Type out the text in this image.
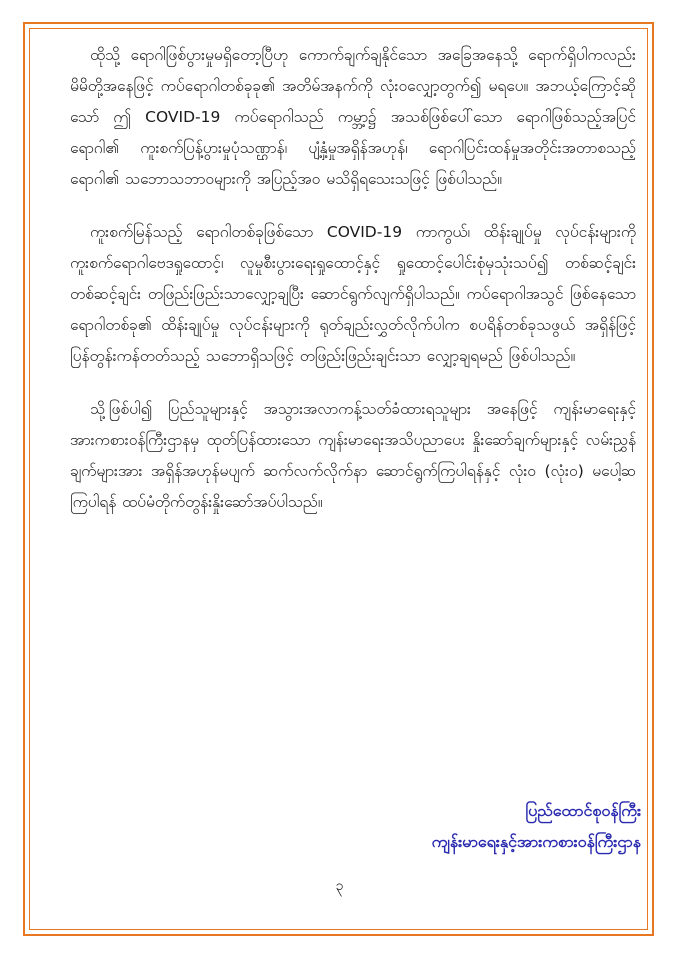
ထိုသို့ ရောဂါဖြစ်ပွားမှုမရှိတော့ပြီဟု ကောက်ချက်ချနိုင်သော အခြေအနေသို့ ရောက်ရှိပါကလည်း မိမိတို့အနေဖြင့် ကပ်ရောဂါတစ်ခုခု၏ အတိမ်အနက်ကို လုံးဝလျှော့တွက်၍ မရပေ။ အဘယ့်ကြောင့်ဆိုသော် ဤ COVID-19 ကပ်ရောဂါသည် ကမ္ဘာ့၌ အသစ်ဖြစ်ပေါ်သော ရောဂါဖြစ်သည့်အပြင် ရောဂါ၏ ကူးစက်ပြန့်ပွားမှုပုံသဏ္ဌာန်၊ ပျံ့နှံ့မှုအရှိန်အဟုန်၊ ရောဂါပြင်းထန်မှုအတိုင်းအတာစသည့် ရောဂါ၏ သဘောသဘာဝများကို အပြည့်အဝ မသိရှိရသေးသဖြင့် ဖြစ်ပါသည်။

ကူးစက်မြန်သည့် ရောဂါတစ်ခုဖြစ်သော COVID-19 ကာကွယ်၊ ထိန်းချုပ်မှု လုပ်ငန်းများကို ကူးစက်ရောဂါဗေဒရှုထောင့်၊ လူမှုစီးပွားရေးရှုထောင့်နှင့် ရှုထောင့်ပေါင်းစုံမှသုံးသပ်၍ တစ်ဆင့်ချင်း တစ်ဆင့်ချင်း တဖြည်းဖြည်းသာလျှော့ချပြီး ဆောင်ရွက်လျက်ရှိပါသည်။ ကပ်ရောဂါအသွင် ဖြစ်နေသော ရောဂါတစ်ခု၏ ထိန်းချုပ်မှု လုပ်ငန်းများကို ရုတ်ချည်းလွှတ်လိုက်ပါက စပရိန်တစ်ခုသဖွယ် အရှိန်ဖြင့်ပြန်တွန်းကန်တတ်သည့် သဘောရှိသဖြင့် တဖြည်းဖြည်းချင်းသာ လျှော့ချရမည် ဖြစ်ပါသည်။

သို့ဖြစ်ပါ၍ ပြည်သူများနှင့် အသွားအလာကန့်သတ်ခံထားရသူများ အနေဖြင့် ကျန်းမာရေးနှင့်အားကစားဝန်ကြီးဌာနမှ ထုတ်ပြန်ထားသော ကျန်းမာရေးအသိပညာပေး နှိုးဆော်ချက်များနှင့် လမ်းညွှန်ချက်များအား အရှိန်အဟုန်မပျက် ဆက်လက်လိုက်နာ ဆောင်ရွက်ကြပါရန်နှင့် လုံးဝ (လုံးဝ) မပေါ့ဆကြပါရန် ထပ်မံတိုက်တွန်းနှိုးဆော်အပ်ပါသည်။

ပြည်ထောင်စုဝန်ကြီး
ကျန်းမာရေးနှင့်အားကစားဝန်ကြီးဌာန
၃
